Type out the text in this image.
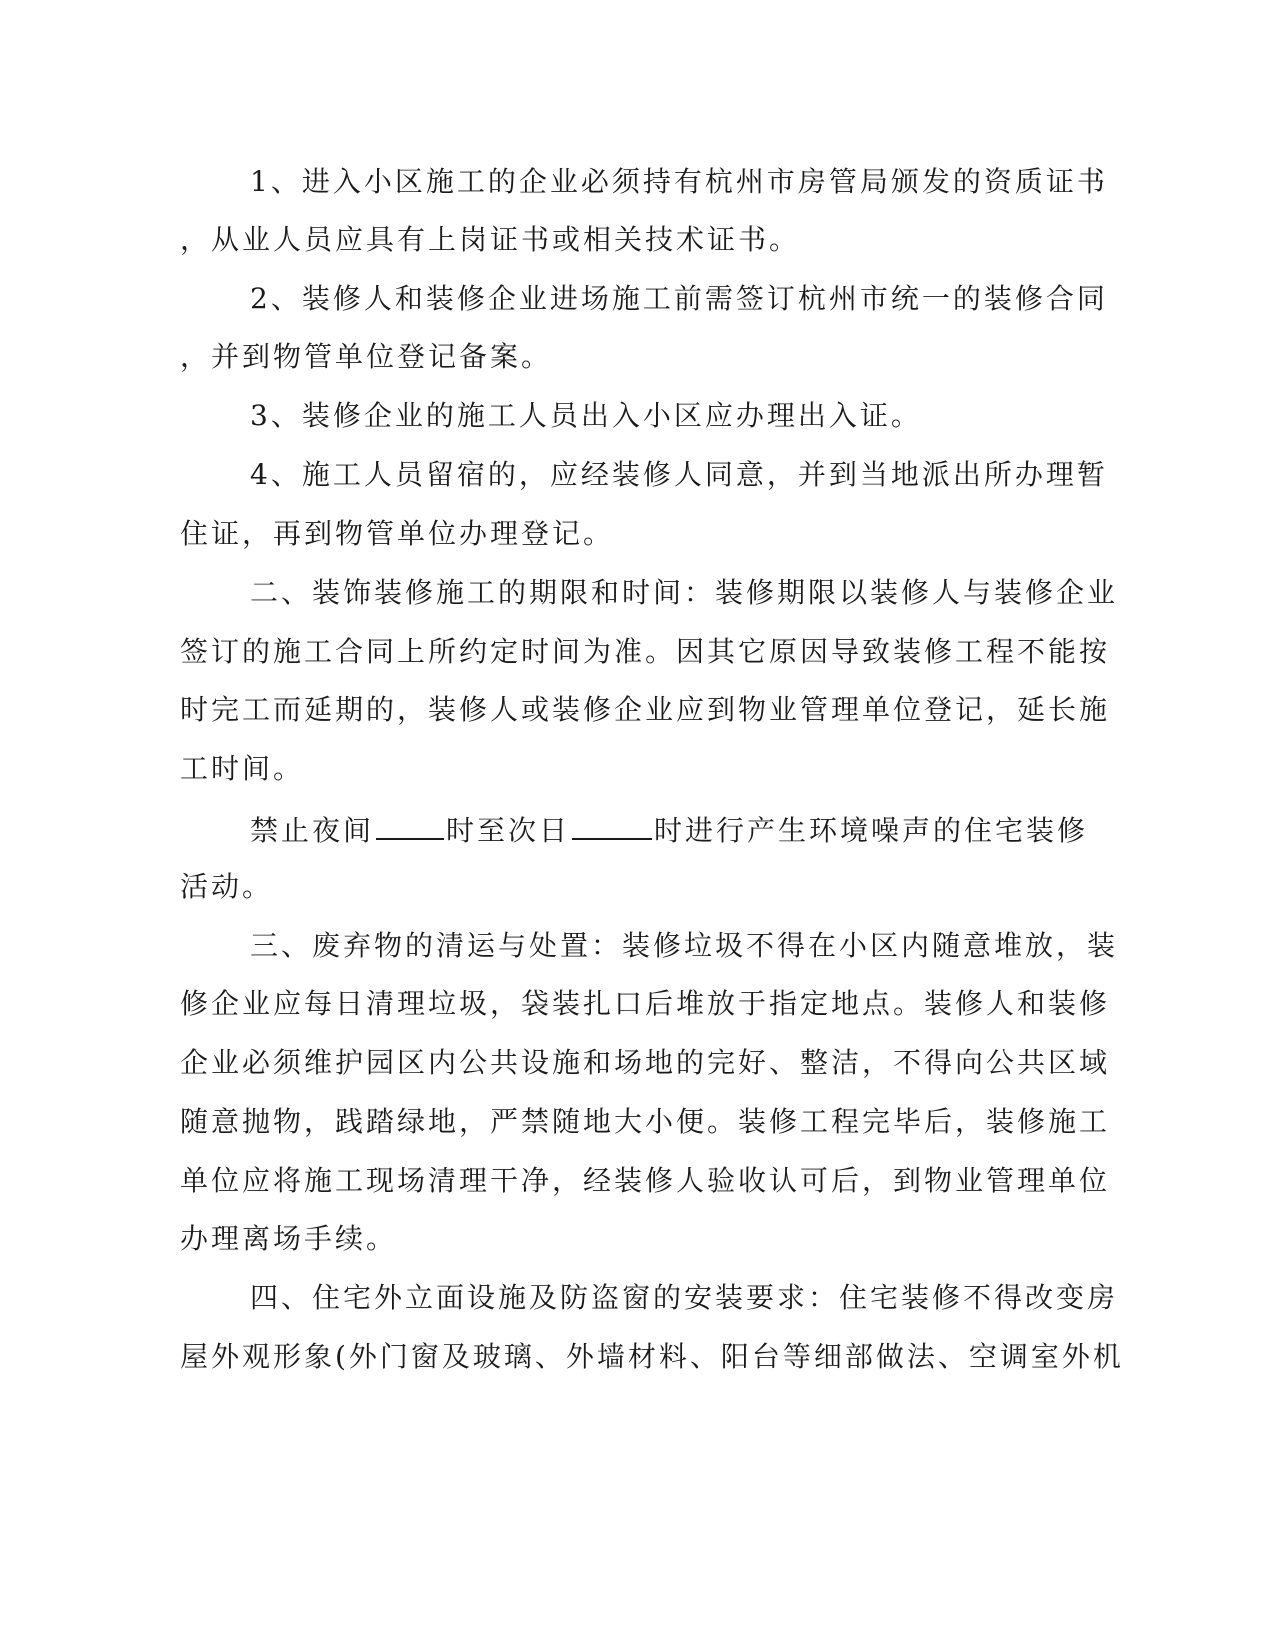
1、进入小区施工的企业必须持有杭州市房管局颁发的资质证书
，从业人员应具有上岗证书或相关技术证书。
2、装修人和装修企业进场施工前需签订杭州市统一的装修合同
，并到物管单位登记备案。
3、装修企业的施工人员出入小区应办理出入证。
4、施工人员留宿的，应经装修人同意，并到当地派出所办理暂
住证，再到物管单位办理登记。
二、装饰装修施工的期限和时间：装修期限以装修人与装修企业
签订的施工合同上所约定时间为准。因其它原因导致装修工程不能按
时完工而延期的，装修人或装修企业应到物业管理单位登记，延长施
工时间。
禁止夜间	时至次日	时进行产生环境噪声的住宅装修
活动。
三、废弃物的清运与处置：装修垃圾不得在小区内随意堆放，装
修企业应每日清理垃圾，袋装扎口后堆放于指定地点。装修人和装修
企业必须维护园区内公共设施和场地的完好、整洁，不得向公共区域
随意抛物，践踏绿地，严禁随地大小便。装修工程完毕后，装修施工
单位应将施工现场清理干净，经装修人验收认可后，到物业管理单位
办理离场手续。
四、住宅外立面设施及防盗窗的安装要求：住宅装修不得改变房
屋外观形象(外门窗及玻璃、外墙材料、阳台等细部做法、空调室外机
